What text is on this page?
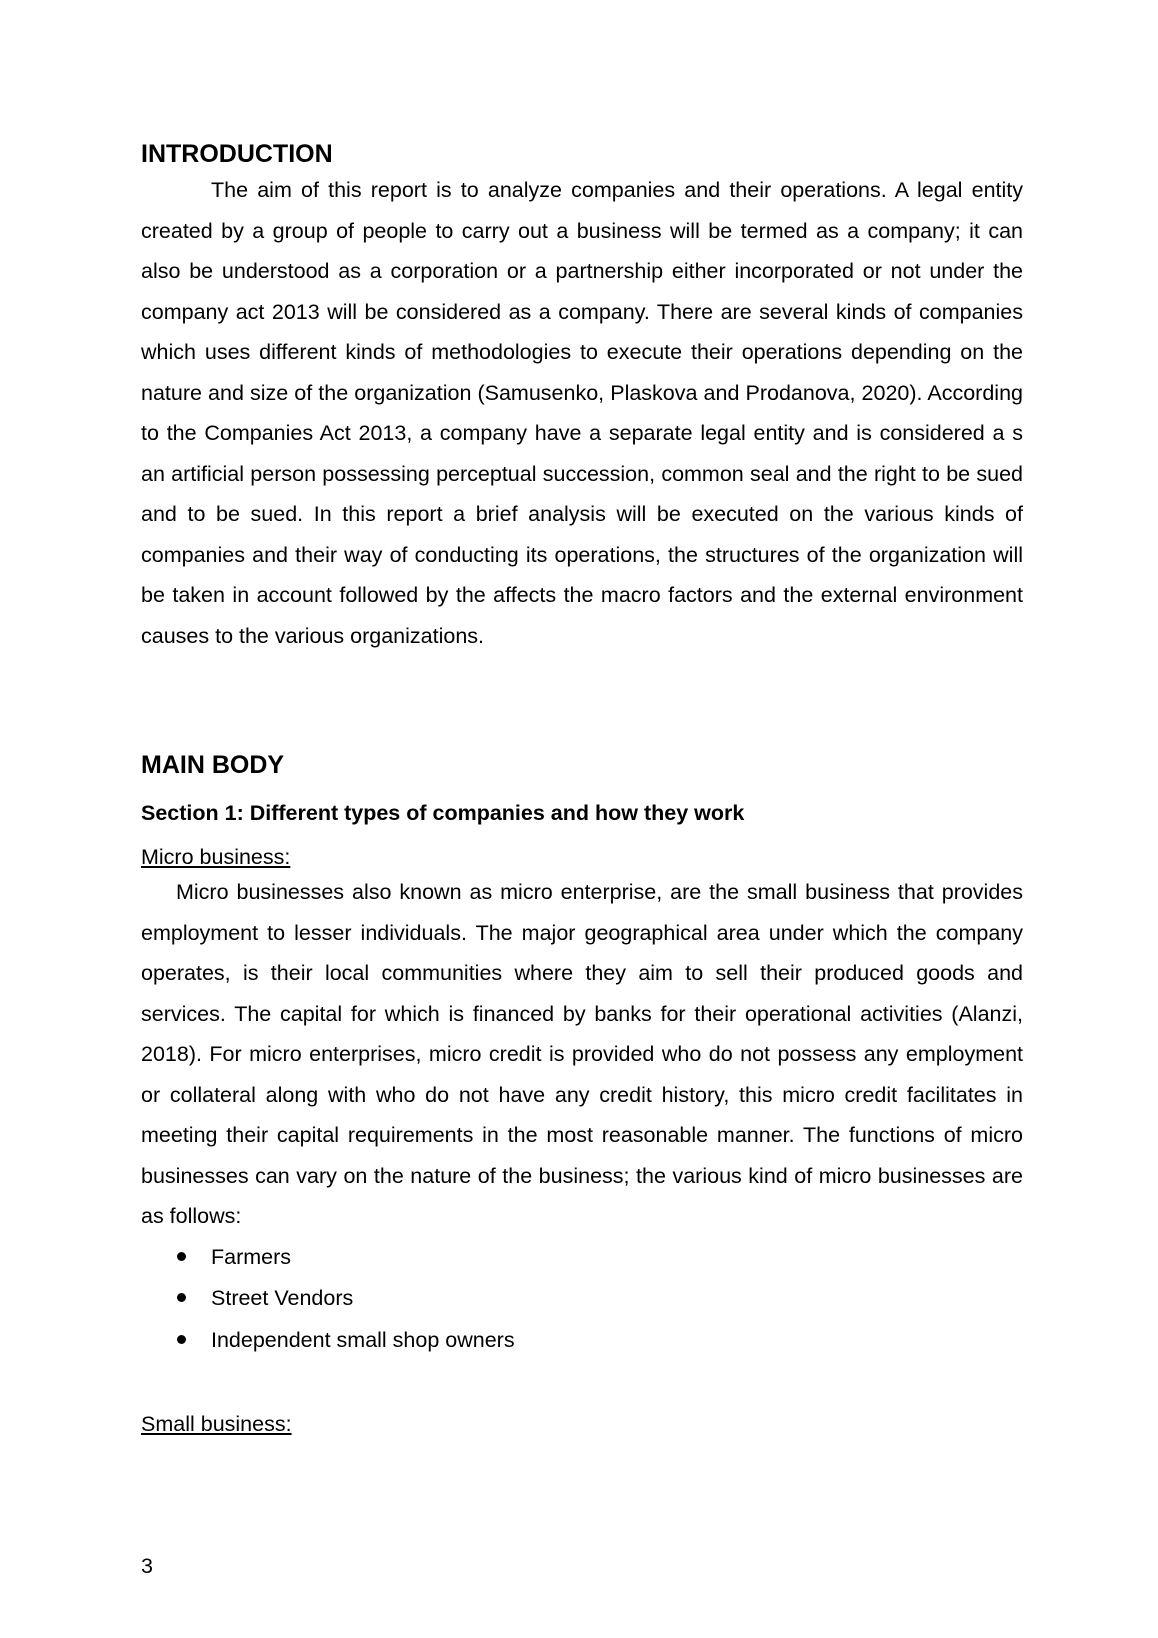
INTRODUCTION

The aim of this report is to analyze companies and their operations. A legal entity created by a group of people to carry out a business will be termed as a company; it can also be understood as a corporation or a partnership either incorporated or not under the company act 2013 will be considered as a company. There are several kinds of companies which uses different kinds of methodologies to execute their operations depending on the nature and size of the organization (Samusenko, Plaskova and Prodanova, 2020). According to the Companies Act 2013, a company have a separate legal entity and is considered a s an artificial person possessing perceptual succession, common seal and the right to be sued and to be sued. In this report a brief analysis will be executed on the various kinds of companies and their way of conducting its operations, the structures of the organization will be taken in account followed by the affects the macro factors and the external environment causes to the various organizations.

MAIN BODY
Section 1: Different types of companies and how they work

Micro business:

Micro businesses also known as micro enterprise, are the small business that provides employment to lesser individuals. The major geographical area under which the company operates, is their local communities where they aim to sell their produced goods and services. The capital for which is financed by banks for their operational activities (Alanzi, 2018). For micro enterprises, micro credit is provided who do not possess any employment or collateral along with who do not have any credit history, this micro credit facilitates in meeting their capital requirements in the most reasonable manner. The functions of micro businesses can vary on the nature of the business; the various kind of micro businesses are as follows:

Farmers
Street Vendors
Independent small shop owners

Small business:

3
